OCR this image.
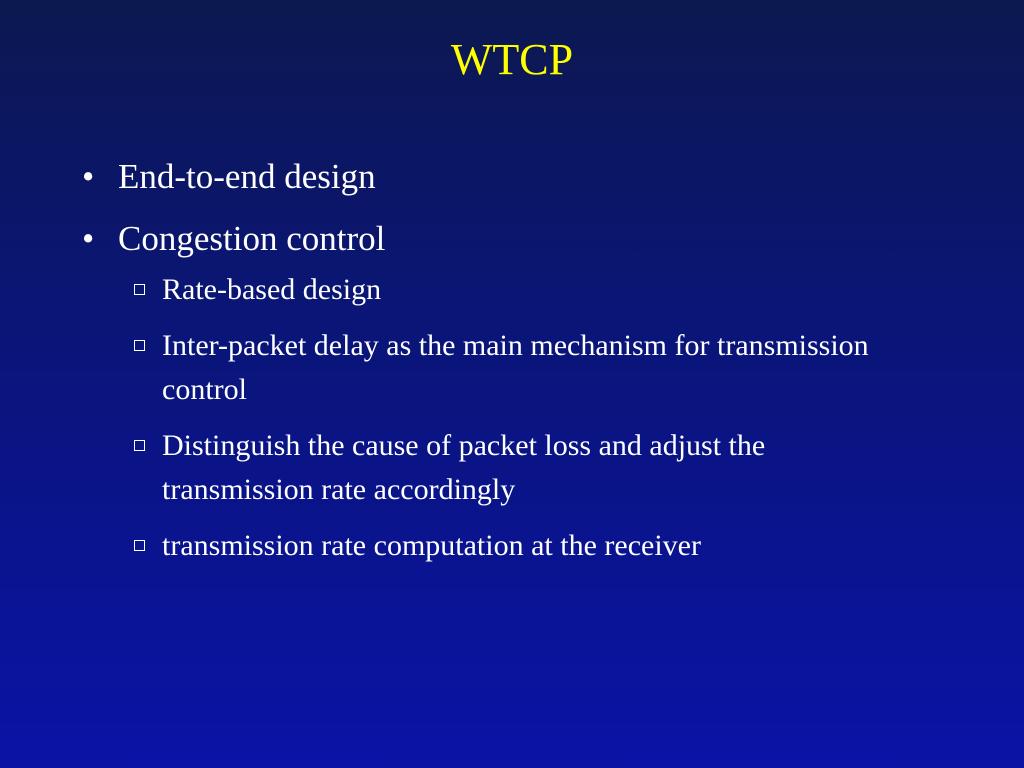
WTCP
• End-to-end design
• Congestion control
Rate-based design
Inter-packet delay as the main mechanism for transmission control
Distinguish the cause of packet loss and adjust the transmission rate accordingly
transmission rate computation at the receiver
